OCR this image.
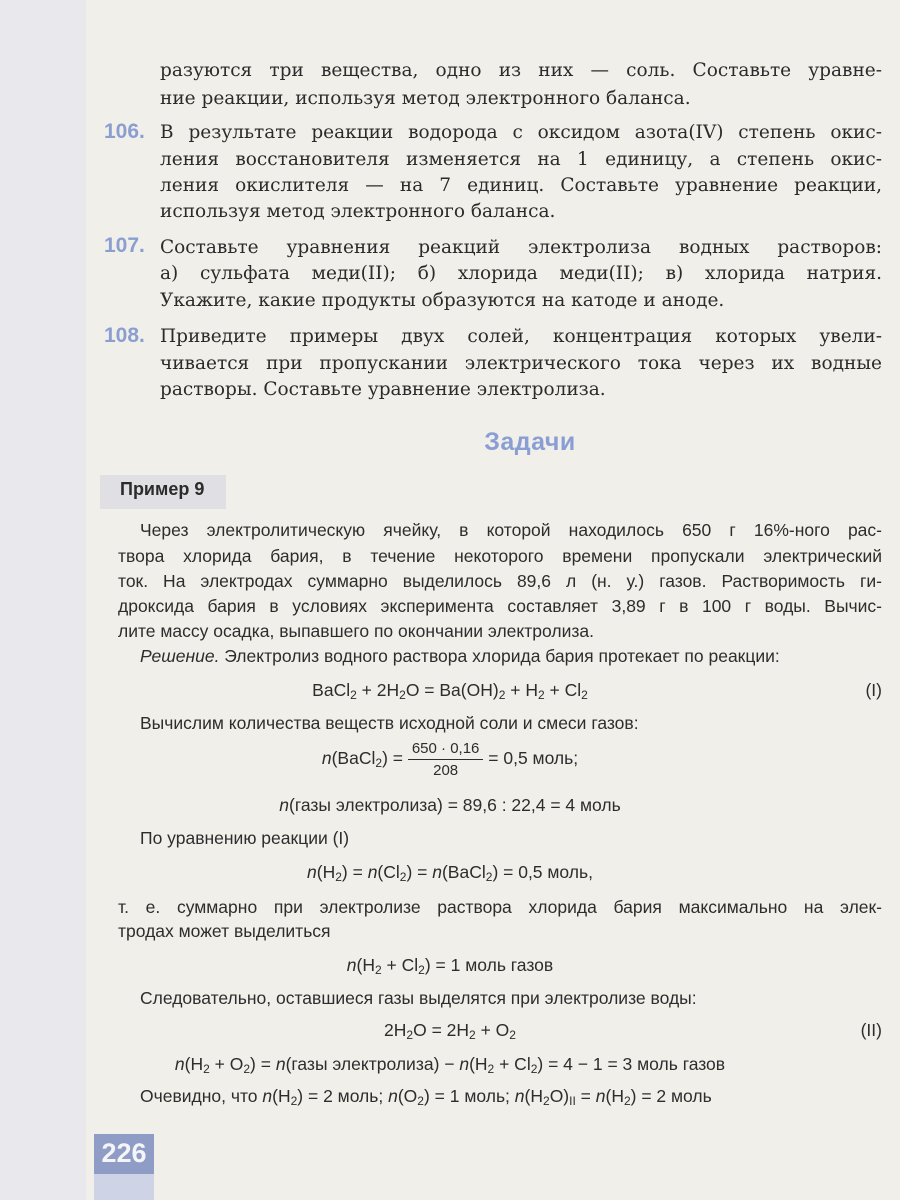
разуются три вещества, одно из них — соль. Составьте уравне-
ние реакции, используя метод электронного баланса.
106. В результате реакции водорода с оксидом азота(IV) степень окис-
ления восстановителя изменяется на 1 единицу, а степень окис-
ления окислителя — на 7 единиц. Составьте уравнение реакции,
используя метод электронного баланса.
107. Составьте уравнения реакций электролиза водных растворов:
а) сульфата меди(II); б) хлорида меди(II); в) хлорида натрия.
Укажите, какие продукты образуются на катоде и аноде.
108. Приведите примеры двух солей, концентрация которых увели-
чивается при пропускании электрического тока через их водные
растворы. Составьте уравнение электролиза.
Задачи
Пример 9
Через электролитическую ячейку, в которой находилось 650 г 16%-ного рас-
твора хлорида бария, в течение некоторого времени пропускали электрический
ток. На электродах суммарно выделилось 89,6 л (н. у.) газов. Растворимость ги-
дроксида бария в условиях эксперимента составляет 3,89 г в 100 г воды. Вычис-
лите массу осадка, выпавшего по окончании электролиза.
Решение. Электролиз водного раствора хлорида бария протекает по реакции:
BaCl$_2$ + $2H_2O = Ba(OH)_2 + H_2 + Cl_2$	(I)
Вычислим количества веществ исходной соли и смеси газов:
n(BaCl$_2$) = $\frac{650 \cdot 0,16}{208} = 0,5$ моль;
n(газы электролиза) = 89,6 : 22,4 = 4 моль
По уравнению реакции (I)
$n(H_2) = n(Cl_2)$ = n(BaCl$_2$) = 0,5 моль,
т. е. суммарно при электролизе раствора хлорида бария максимально на элек-
тродах может выделиться
$n(H_2 + Cl_2) = 1$ моль газов
Следовательно, оставшиеся газы выделятся при электролизе воды:
$2H_2O = 2H_2 + O_2$	(II)
$n(H_2 + O_2)$ = n(газы электролиза) − $n(H_2 + Cl_2) = 4 - 1 = 3$ моль газов
Очевидно, что $n(H_2) = 2$ моль; $n(O_2) = 1$ моль; $n(H_2O)_{II} = n(H_2) = 2$ моль
226
